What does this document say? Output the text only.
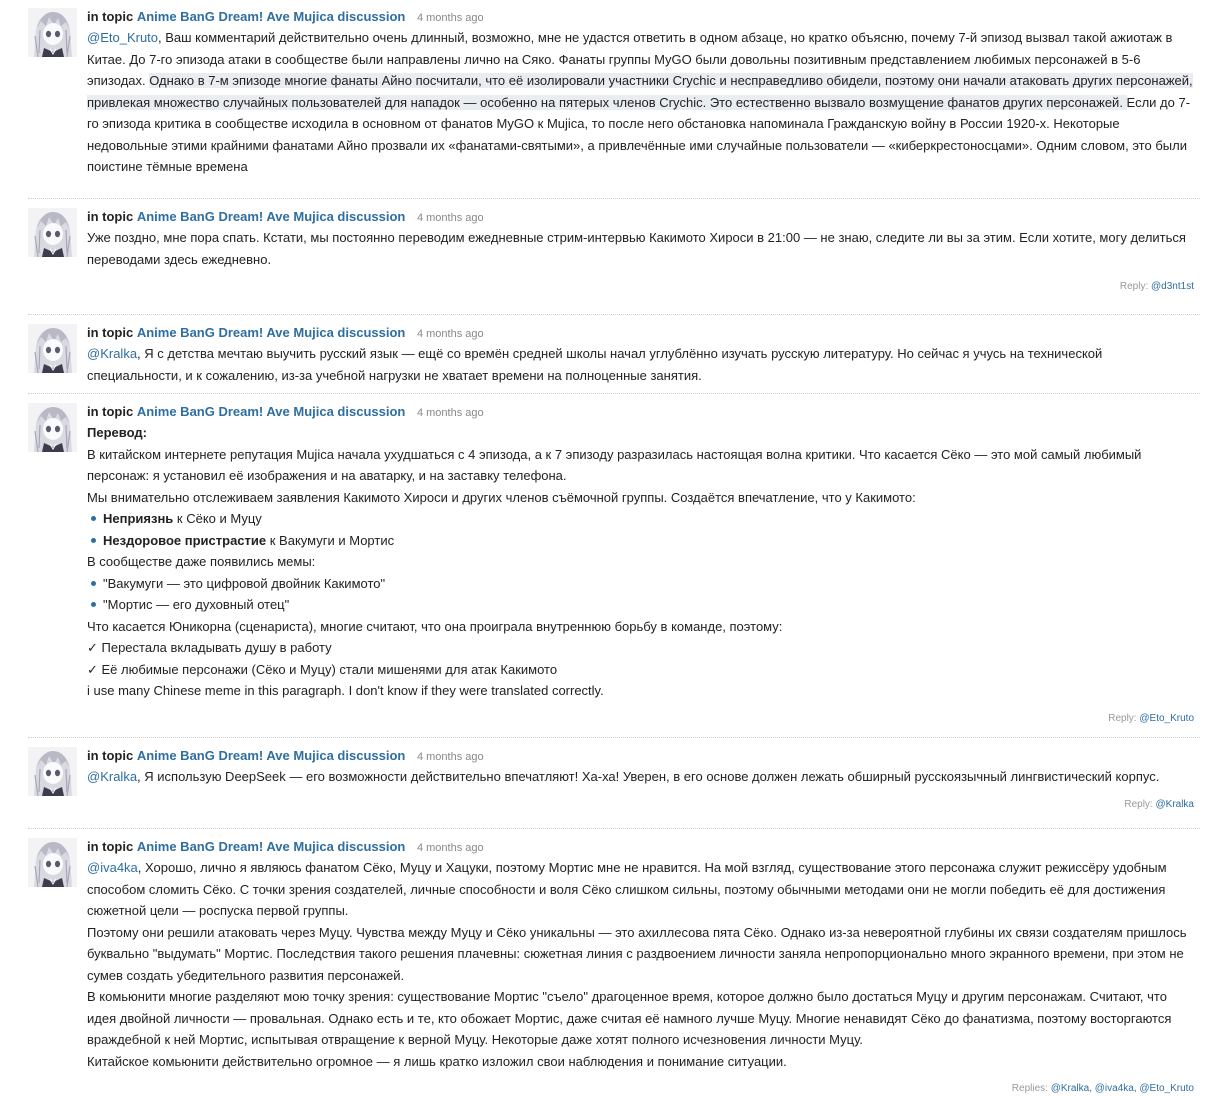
in topic Anime BanG Dream! Ave Mujica discussion 4 months ago

@Eto_Kruto, Ваш комментарий действительно очень длинный, возможно, мне не удастся ответить в одном абзаце, но кратко объясню, почему 7-й эпизод вызвал такой ажиотаж в Китае. До 7-го эпизода атаки в сообществе были направлены лично на Сяко. Фанаты группы MyGO были довольны позитивным представлением любимых персонажей в 5-6 эпизодах. Однако в 7-м эпизоде многие фанаты Айно посчитали, что её изолировали участники Crychic и несправедливо обидели, поэтому они начали атаковать других персонажей, привлекая множество случайных пользователей для нападок — особенно на пятерых членов Crychic. Это естественно вызвало возмущение фанатов других персонажей. Если до 7-го эпизода критика в сообществе исходила в основном от фанатов MyGO к Mujica, то после него обстановка напоминала Гражданскую войну в России 1920-х. Некоторые недовольные этими крайними фанатами Айно прозвали их «фанатами-святыми», а привлечённые ими случайные пользователи — «киберкрестоносцами». Одним словом, это были поистине тёмные времена

in topic Anime BanG Dream! Ave Mujica discussion 4 months ago

Уже поздно, мне пора спать. Кстати, мы постоянно переводим ежедневные стрим-интервью Какимото Хироси в 21:00 — не знаю, следите ли вы за этим. Если хотите, могу делиться переводами здесь ежедневно.

Reply: @d3nt1st
in topic Anime BanG Dream! Ave Mujica discussion 4 months ago

@Kralka, Я с детства мечтаю выучить русский язык — ещё со времён средней школы начал углублённо изучать русскую литературу. Но сейчас я учусь на технической специальности, и к сожалению, из-за учебной нагрузки не хватает времени на полноценные занятия.

in topic Anime BanG Dream! Ave Mujica discussion 4 months ago

Перевод:

В китайском интернете репутация Mujica начала ухудшаться с 4 эпизода, а к 7 эпизоду разразилась настоящая волна критики. Что касается Сёко — это мой самый любимый персонаж: я установил её изображения и на аватарку, и на заставку телефона.

Мы внимательно отслеживаем заявления Какимото Хироси и других членов съёмочной группы. Создаётся впечатление, что у Какимото:

Неприязнь к Сёко и Муцу
Нездоровое пристрастие к Вакумуги и Мортис

В сообществе даже появились мемы:

"Вакумуги — это цифровой двойник Какимото"
"Мортис — его духовный отец"

Что касается Юникорна (сценариста), многие считают, что она проиграла внутреннюю борьбу в команде, поэтому:

✓ Перестала вкладывать душу в работу

✓ Её любимые персонажи (Сёко и Муцу) стали мишенями для атак Какимото

i use many Chinese meme in this paragraph. I don't know if they were translated correctly.

Reply: @Eto_Kruto
in topic Anime BanG Dream! Ave Mujica discussion 4 months ago

@Kralka, Я использую DeepSeek — его возможности действительно впечатляют! Ха-ха! Уверен, в его основе должен лежать обширный русскоязычный лингвистический корпус.

Reply: @Kralka
in topic Anime BanG Dream! Ave Mujica discussion 4 months ago

@iva4ka, Хорошо, лично я являюсь фанатом Сёко, Муцу и Хацуки, поэтому Мортис мне не нравится. На мой взгляд, существование этого персонажа служит режиссёру удобным способом сломить Сёко. С точки зрения создателей, личные способности и воля Сёко слишком сильны, поэтому обычными методами они не могли победить её для достижения сюжетной цели — роспуска первой группы.

Поэтому они решили атаковать через Муцу. Чувства между Муцу и Сёко уникальны — это ахиллесова пята Сёко. Однако из-за невероятной глубины их связи создателям пришлось буквально "выдумать" Мортис. Последствия такого решения плачевны: сюжетная линия с раздвоением личности заняла непропорционально много экранного времени, при этом не сумев создать убедительного развития персонажей.

В комьюнити многие разделяют мою точку зрения: существование Мортис "съело" драгоценное время, которое должно было достаться Муцу и другим персонажам. Считают, что идея двойной личности — провальная. Однако есть и те, кто обожает Мортис, даже считая её намного лучше Муцу. Многие ненавидят Сёко до фанатизма, поэтому восторгаются враждебной к ней Мортис, испытывая отвращение к верной Муцу. Некоторые даже хотят полного исчезновения личности Муцу.

Китайское комьюнити действительно огромное — я лишь кратко изложил свои наблюдения и понимание ситуации.

Replies: @Kralka, @iva4ka, @Eto_Kruto
